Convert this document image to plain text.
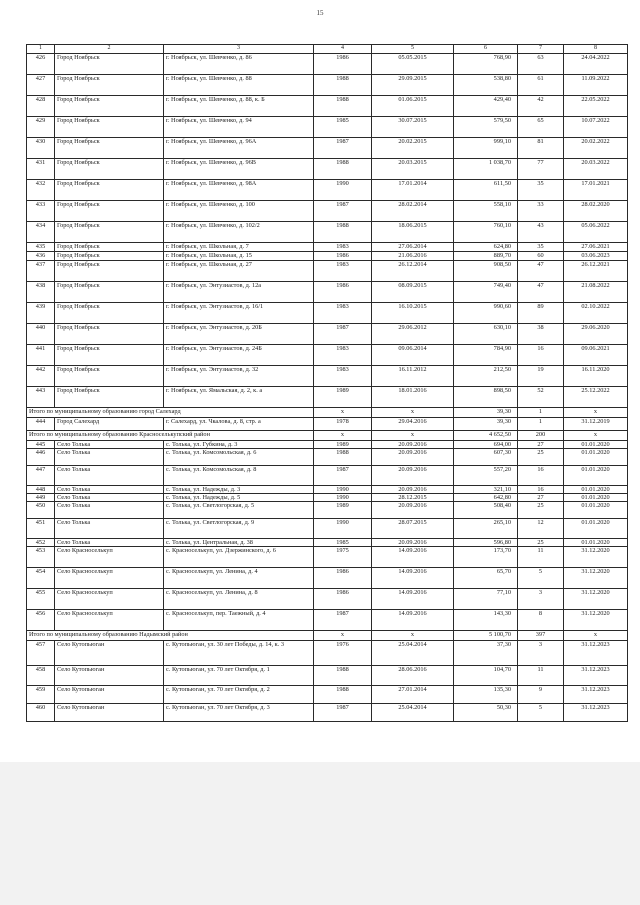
15
1	2	3	4	5	6	7	8
426	Город Ноябрьск	г. Ноябрьск, ул. Шевченко, д. 86	1986	05.05.2015	768,90	63	24.04.2022
427	Город Ноябрьск	г. Ноябрьск, ул. Шевченко, д. 88	1988	29.09.2015	538,80	61	11.09.2022
428	Город Ноябрьск	г. Ноябрьск, ул. Шевченко, д. 88, к. Б	1988	01.06.2015	429,40	42	22.05.2022
429	Город Ноябрьск	г. Ноябрьск, ул. Шевченко, д. 94	1985	30.07.2015	579,50	65	10.07.2022
430	Город Ноябрьск	г. Ноябрьск, ул. Шевченко, д. 96А	1987	20.02.2015	999,10	81	20.02.2022
431	Город Ноябрьск	г. Ноябрьск, ул. Шевченко, д. 96В	1988	20.03.2015	1 038,70	77	20.03.2022
432	Город Ноябрьск	г. Ноябрьск, ул. Шевченко, д. 98А	1990	17.01.2014	611,50	35	17.01.2021
433	Город Ноябрьск	г. Ноябрьск, ул. Шевченко, д. 100	1987	28.02.2014	558,10	33	28.02.2020
434	Город Ноябрьск	г. Ноябрьск, ул. Шевченко, д. 102/2	1988	18.06.2015	760,10	43	05.06.2022
435	Город Ноябрьск	г. Ноябрьск, ул. Школьная, д. 7	1983	27.06.2014	624,80	35	27.06.2021
436	Город Ноябрьск	г. Ноябрьск, ул. Школьная, д. 15	1986	21.06.2016	889,70	60	03.06.2023
437	Город Ноябрьск	г. Ноябрьск, ул. Школьная, д. 27	1983	26.12.2014	908,50	47	26.12.2021
438	Город Ноябрьск	г. Ноябрьск, ул. Энтузиастов, д. 12а	1986	08.09.2015	749,40	47	21.08.2022
439	Город Ноябрьск	г. Ноябрьск, ул. Энтузиастов, д. 16/1	1983	16.10.2015	990,60	89	02.10.2022
440	Город Ноябрьск	г. Ноябрьск, ул. Энтузиастов, д. 20Б	1987	29.06.2012	630,10	38	29.06.2020
441	Город Ноябрьск	г. Ноябрьск, ул. Энтузиастов, д. 24Б	1983	09.06.2014	784,90	16	09.06.2021
442	Город Ноябрьск	г. Ноябрьск, ул. Энтузиастов, д. 32	1983	16.11.2012	212,50	19	16.11.2020
443	Город Ноябрьск	г. Ноябрьск, ул. Ямальская, д. 2, к. а	1989	18.01.2016	898,50	52	25.12.2022
Итого по муниципальному образованию город Салехард			x	x	39,30	1	x
444	Город Салехард	г. Салехард, ул. Чкалова, д. 8, стр. а	1978	29.04.2016	39,30	1	31.12.2019
Итого по муниципальному образованию Красноселькупский район			x	x	4 652,50	200	x
445	Село Толька	с. Толька, ул. Губкина, д. 3	1989	20.09.2016	694,00	27	01.01.2020
446	Село Толька	с. Толька, ул. Комсомольская, д. 6	1988	20.09.2016	607,30	25	01.01.2020
447	Село Толька	с. Толька, ул. Комсомольская, д. 8	1987	20.09.2016	557,20	16	01.01.2020
448	Село Толька	с. Толька, ул. Надежды, д. 3	1990	20.09.2016	321,10	16	01.01.2020
449	Село Толька	с. Толька, ул. Надежды, д. 5	1990	28.12.2015	642,80	27	01.01.2020
450	Село Толька	с. Толька, ул. Светлогорская, д. 5	1989	20.09.2016	508,40	25	01.01.2020
451	Село Толька	с. Толька, ул. Светлогорская, д. 9	1990	28.07.2015	265,10	12	01.01.2020
452	Село Толька	с. Толька, ул. Центральная, д. 38	1985	20.09.2016	596,80	25	01.01.2020
453	Село Красноселькуп	с. Красноселькуп, ул. Дзержинского, д. 6	1975	14.09.2016	173,70	11	31.12.2020
454	Село Красноселькуп	с. Красноселькуп, ул. Ленина, д. 4	1986	14.09.2016	65,70	5	31.12.2020
455	Село Красноселькуп	с. Красноселькуп, ул. Ленина, д. 8	1986	14.09.2016	77,10	3	31.12.2020
456	Село Красноселькуп	с. Красноселькуп, пер. Таежный, д. 4	1987	14.09.2016	143,30	8	31.12.2020
Итого по муниципальному образованию Надымский район			x	x	5 100,70	397	x
457	Село Кутопьюган	с. Кутопьюган, ул. 30 лет Победы, д. 14, к. 3	1976	25.04.2014	37,30	3	31.12.2023
458	Село Кутопьюган	с. Кутопьюган, ул. 70 лет Октября, д. 1	1988	28.06.2016	104,70	11	31.12.2023
459	Село Кутопьюган	с. Кутопьюган, ул. 70 лет Октября, д. 2	1988	27.01.2014	135,30	9	31.12.2023
460	Село Кутопьюган	с. Кутопьюган, ул. 70 лет Октября, д. 3	1987	25.04.2014	50,30	5	31.12.2023
